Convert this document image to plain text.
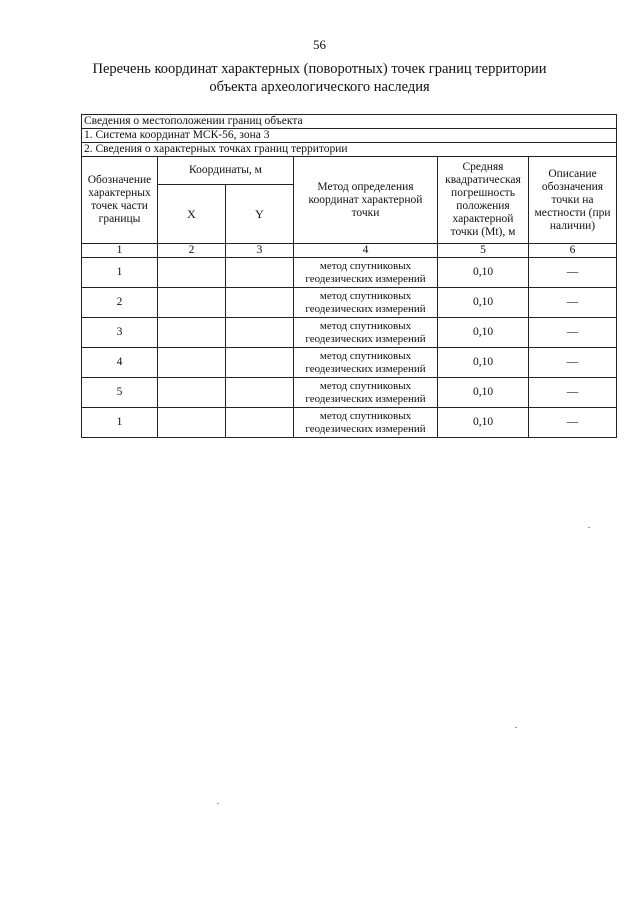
56
Перечень координат характерных (поворотных) точек границ территории
объекта археологического наследия
Сведения о местоположении границ объекта					
1. Система координат МСК-56, зона 3					
2. Сведения о характерных точках границ территории					
Обозначение характерных точек части границы	Координаты, м		Метод определения координат характерной точки	Средняя квадратическая погрешность положения характерной точки (Mt), м	Описание обозначения точки на местности (при наличии)
	X	Y			
1	2	3	4	5	6
1			метод спутниковых геодезических измерений	0,10	—
2			метод спутниковых геодезических измерений	0,10	—
3			метод спутниковых геодезических измерений	0,10	—
4			метод спутниковых геодезических измерений	0,10	—
5			метод спутниковых геодезических измерений	0,10	—
1			метод спутниковых геодезических измерений	0,10	—
